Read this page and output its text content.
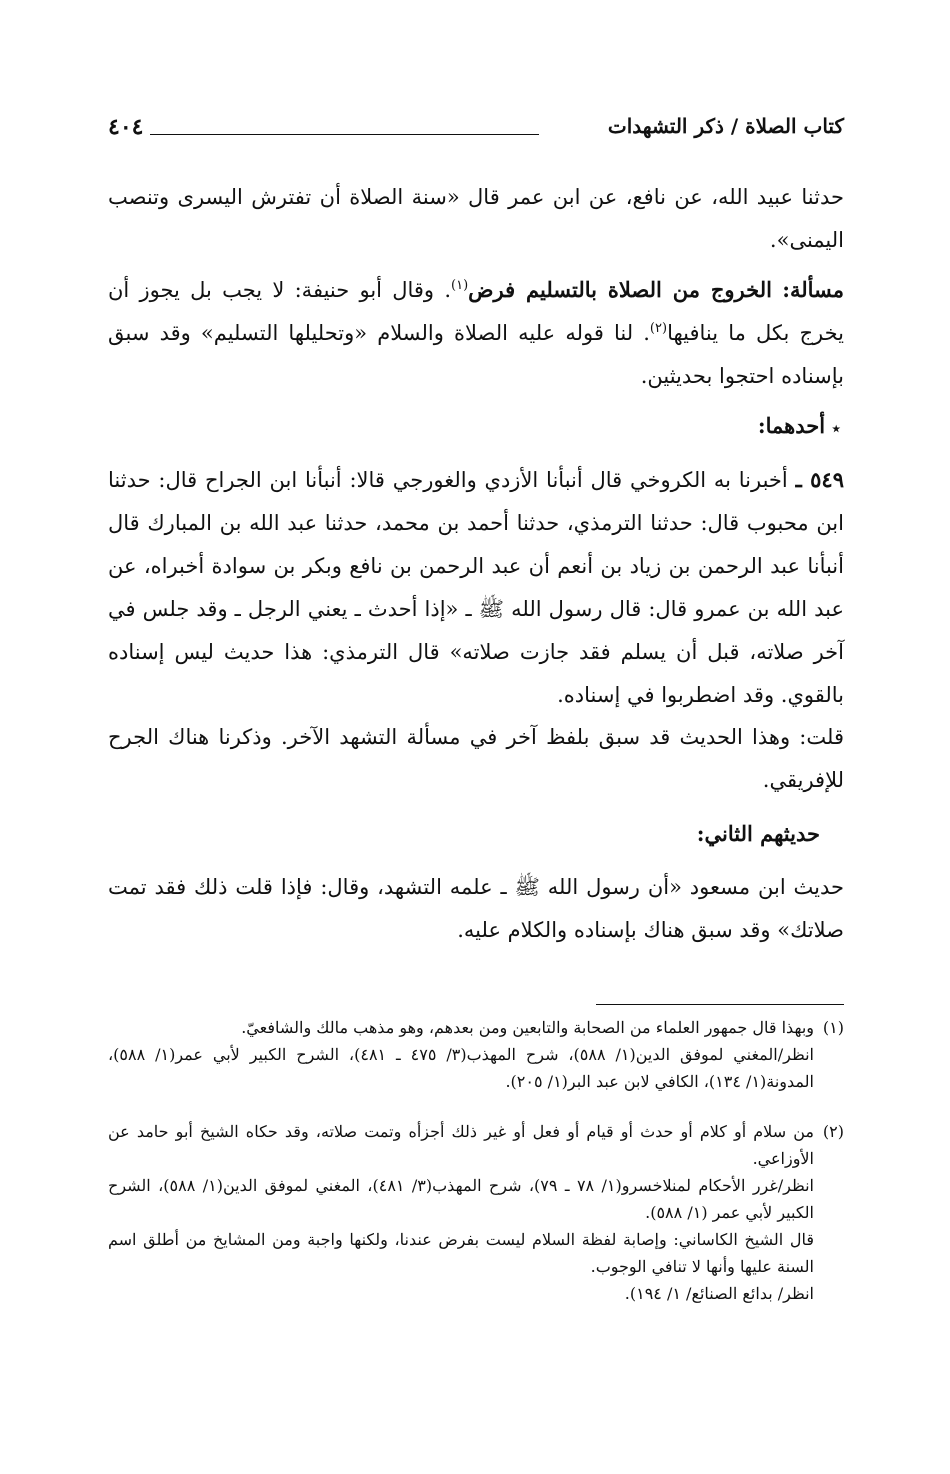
كتاب الصلاة / ذكر التشهدات
٤٠٤
حدثنا عبيد الله، عن نافع، عن ابن عمر قال «سنة الصلاة أن تفترش اليسرى وتنصب اليمنى».
مسألة: الخروج من الصلاة بالتسليم فرض$^{(١)}$. وقال أبو حنيفة: لا يجب بل يجوز أن يخرج بكل ما ينافيها$^{(٢)}$. لنا قوله عليه الصلاة والسلام «وتحليلها التسليم» وقد سبق بإسناده احتجوا بحديثين.
٭ أحدهما:
٥٤٩ ـ أخبرنا به الكروخي قال أنبأنا الأزدي والغورجي قالا: أنبأنا ابن الجراح قال: حدثنا ابن محبوب قال: حدثنا الترمذي، حدثنا أحمد بن محمد، حدثنا عبد الله بن المبارك قال أنبأنا عبد الرحمن بن زياد بن أنعم أن عبد الرحمن بن نافع وبكر بن سوادة أخبراه، عن عبد الله بن عمرو قال: قال رسول الله ﷺ ـ «إذا أحدث ـ يعني الرجل ـ وقد جلس في آخر صلاته، قبل أن يسلم فقد جازت صلاته» قال الترمذي: هذا حديث ليس إسناده بالقوي. وقد اضطربوا في إسناده.
قلت: وهذا الحديث قد سبق بلفظ آخر في مسألة التشهد الآخر. وذكرنا هناك الجرح للإفريقي.
حديثهم الثاني:
حديث ابن مسعود «أن رسول الله ﷺ ـ علمه التشهد، وقال: فإذا قلت ذلك فقد تمت صلاتك» وقد سبق هناك بإسناده والكلام عليه.
(١)
وبهذا قال جمهور العلماء من الصحابة والتابعين ومن بعدهم، وهو مذهب مالك والشافعيّ.
انظر/المغني لموفق الدين(١/ ٥٨٨)، شرح المهذب(٣/ ٤٧٥ ـ ٤٨١)، الشرح الكبير لأبي عمر(١/ ٥٨٨)، المدونة(١/ ١٣٤)، الكافي لابن عبد البر(١/ ٢٠٥).
(٢)
من سلام أو كلام أو حدث أو قيام أو فعل أو غير ذلك أجزأه وتمت صلاته، وقد حكاه الشيخ أبو حامد عن الأوزاعي.
انظر/غرر الأحكام لمنلاخسرو(١/ ٧٨ ـ ٧٩)، شرح المهذب(٣/ ٤٨١)، المغني لموفق الدين(١/ ٥٨٨)، الشرح الكبير لأبي عمر (١/ ٥٨٨).
قال الشيخ الكاساني: وإصابة لفظة السلام ليست بفرض عندنا، ولكنها واجبة ومن المشايخ من أطلق اسم السنة عليها وأنها لا تنافي الوجوب.
انظر/ بدائع الصنائع/ ١/ ١٩٤).
